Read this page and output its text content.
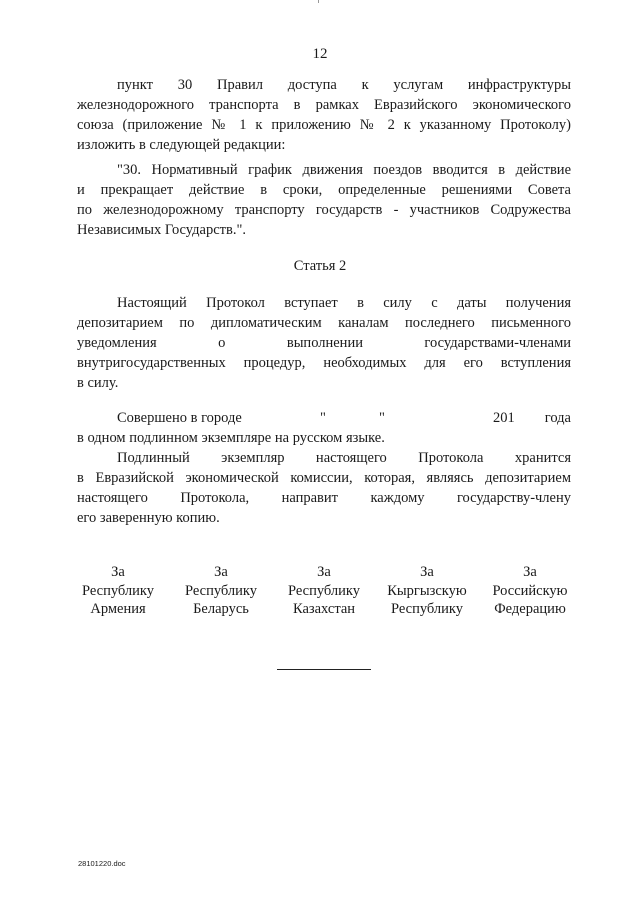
12
пункт 30 Правил доступа к услугам инфраструктуры
железнодорожного транспорта в рамках Евразийского экономического
союза (приложение № 1 к приложению № 2 к указанному Протоколу)
изложить в следующей редакции:
"30. Нормативный график движения поездов вводится в действие
и прекращает действие в сроки, определенные решениями Совета
по железнодорожному транспорту государств - участников Содружества
Независимых Государств.".
Статья 2
Настоящий Протокол вступает в силу с даты получения
депозитарием по дипломатическим каналам последнего письменного
уведомления о выполнении государствами-членами
внутригосударственных процедур, необходимых для его вступления
в силу.
Совершено в городе	"	"	201 года
в одном подлинном экземпляре на русском языке.
Подлинный экземпляр настоящего Протокола хранится
в Евразийской экономической комиссии, которая, являясь депозитарием
настоящего Протокола, направит каждому государству-члену
его заверенную копию.
За
Республику
Армения
За
Республику
Беларусь
За
Республику
Казахстан
За
Кыргызскую
Республику
За
Российскую
Федерацию
28101220.doc
